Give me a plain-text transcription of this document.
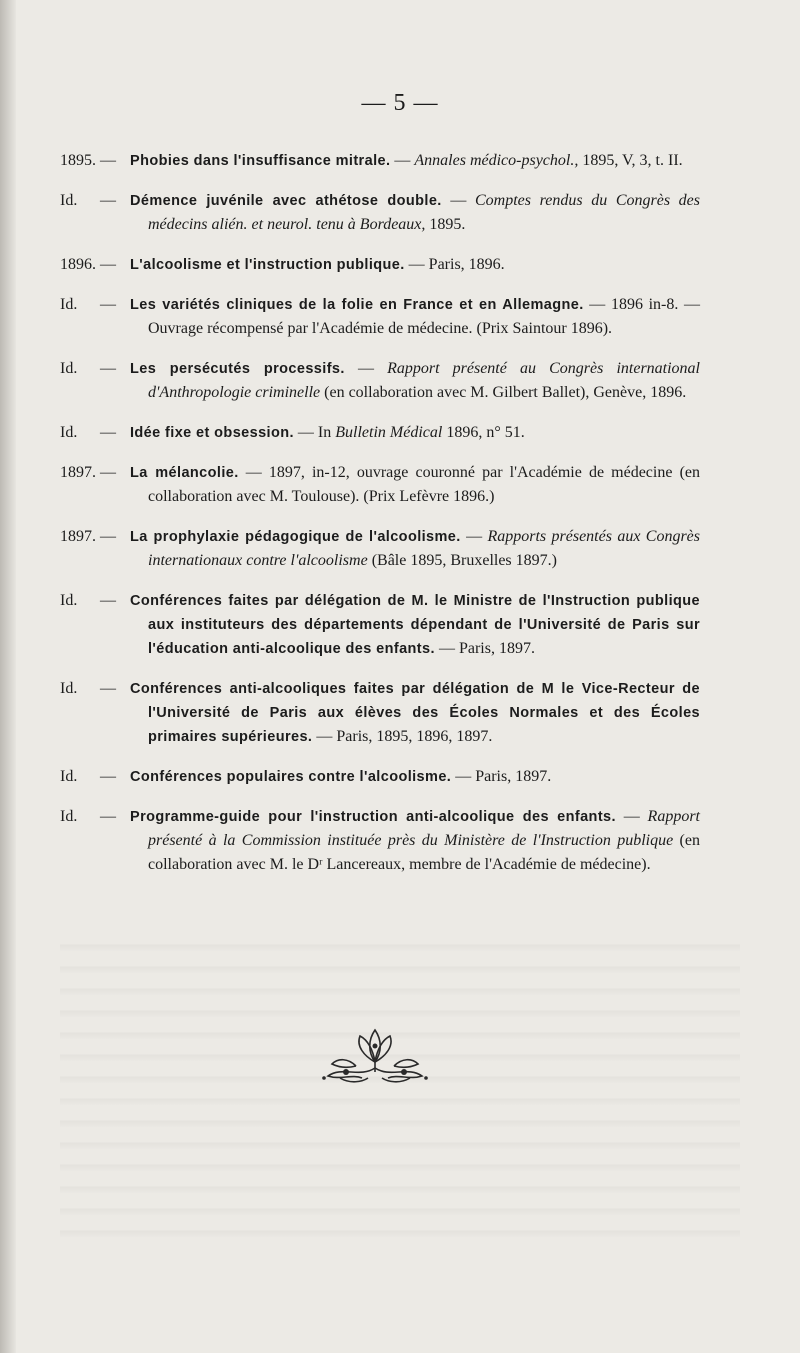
— 5 —

1895. — Phobies dans l'insuffisance mitrale. — Annales médico-psychol., 1895, V, 3, t. II.

Id. — Démence juvénile avec athétose double. — Comptes rendus du Congrès des médecins alién. et neurol. tenu à Bordeaux, 1895.

1896. — L'alcoolisme et l'instruction publique. — Paris, 1896.

Id. — Les variétés cliniques de la folie en France et en Allemagne. — 1896 in-8. — Ouvrage récompensé par l'Académie de médecine. (Prix Saintour 1896).

Id. — Les persécutés processifs. — Rapport présenté au Congrès international d'Anthropologie criminelle (en collaboration avec M. Gilbert Ballet), Genève, 1896.

Id. — Idée fixe et obsession. — In Bulletin Médical 1896, n° 51.

1897. — La mélancolie. — 1897, in-12, ouvrage couronné par l'Académie de médecine (en collaboration avec M. Toulouse). (Prix Lefèvre 1896.)

1897. — La prophylaxie pédagogique de l'alcoolisme. — Rapports présentés aux Congrès internationaux contre l'alcoolisme (Bâle 1895, Bruxelles 1897.)

Id. — Conférences faites par délégation de M. le Ministre de l'Instruction publique aux instituteurs des départements dépendant de l'Université de Paris sur l'éducation anti-alcoolique des enfants. — Paris, 1897.

Id. — Conférences anti-alcooliques faites par délégation de M le Vice-Recteur de l'Université de Paris aux élèves des Écoles Normales et des Écoles primaires supérieures. — Paris, 1895, 1896, 1897.

Id. — Conférences populaires contre l'alcoolisme. — Paris, 1897.

Id. — Programme-guide pour l'instruction anti-alcoolique des enfants. — Rapport présenté à la Commission instituée près du Ministère de l'Instruction publique (en collaboration avec M. le Dʳ Lancereaux, membre de l'Académie de médecine).
